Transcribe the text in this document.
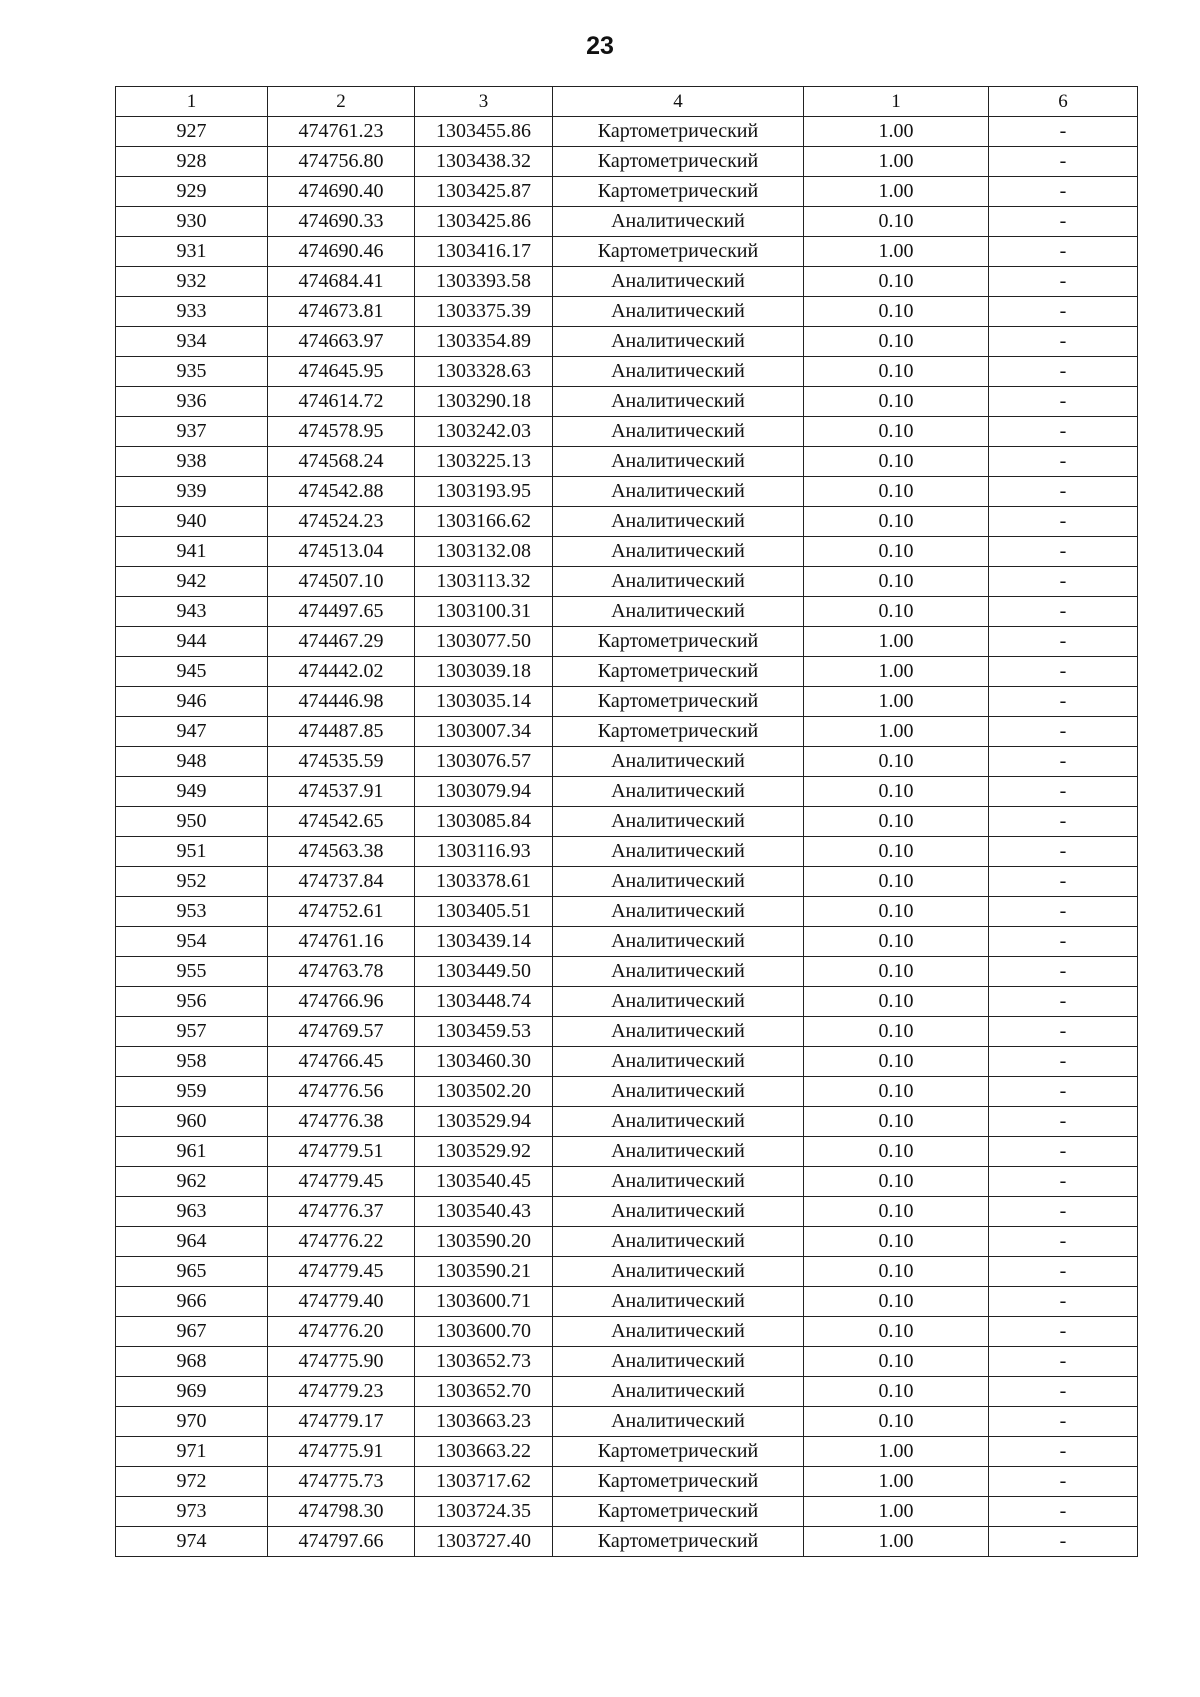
23
1	2	3	4	1	6
927	474761.23	1303455.86	Картометрический	1.00	-
928	474756.80	1303438.32	Картометрический	1.00	-
929	474690.40	1303425.87	Картометрический	1.00	-
930	474690.33	1303425.86	Аналитический	0.10	-
931	474690.46	1303416.17	Картометрический	1.00	-
932	474684.41	1303393.58	Аналитический	0.10	-
933	474673.81	1303375.39	Аналитический	0.10	-
934	474663.97	1303354.89	Аналитический	0.10	-
935	474645.95	1303328.63	Аналитический	0.10	-
936	474614.72	1303290.18	Аналитический	0.10	-
937	474578.95	1303242.03	Аналитический	0.10	-
938	474568.24	1303225.13	Аналитический	0.10	-
939	474542.88	1303193.95	Аналитический	0.10	-
940	474524.23	1303166.62	Аналитический	0.10	-
941	474513.04	1303132.08	Аналитический	0.10	-
942	474507.10	1303113.32	Аналитический	0.10	-
943	474497.65	1303100.31	Аналитический	0.10	-
944	474467.29	1303077.50	Картометрический	1.00	-
945	474442.02	1303039.18	Картометрический	1.00	-
946	474446.98	1303035.14	Картометрический	1.00	-
947	474487.85	1303007.34	Картометрический	1.00	-
948	474535.59	1303076.57	Аналитический	0.10	-
949	474537.91	1303079.94	Аналитический	0.10	-
950	474542.65	1303085.84	Аналитический	0.10	-
951	474563.38	1303116.93	Аналитический	0.10	-
952	474737.84	1303378.61	Аналитический	0.10	-
953	474752.61	1303405.51	Аналитический	0.10	-
954	474761.16	1303439.14	Аналитический	0.10	-
955	474763.78	1303449.50	Аналитический	0.10	-
956	474766.96	1303448.74	Аналитический	0.10	-
957	474769.57	1303459.53	Аналитический	0.10	-
958	474766.45	1303460.30	Аналитический	0.10	-
959	474776.56	1303502.20	Аналитический	0.10	-
960	474776.38	1303529.94	Аналитический	0.10	-
961	474779.51	1303529.92	Аналитический	0.10	-
962	474779.45	1303540.45	Аналитический	0.10	-
963	474776.37	1303540.43	Аналитический	0.10	-
964	474776.22	1303590.20	Аналитический	0.10	-
965	474779.45	1303590.21	Аналитический	0.10	-
966	474779.40	1303600.71	Аналитический	0.10	-
967	474776.20	1303600.70	Аналитический	0.10	-
968	474775.90	1303652.73	Аналитический	0.10	-
969	474779.23	1303652.70	Аналитический	0.10	-
970	474779.17	1303663.23	Аналитический	0.10	-
971	474775.91	1303663.22	Картометрический	1.00	-
972	474775.73	1303717.62	Картометрический	1.00	-
973	474798.30	1303724.35	Картометрический	1.00	-
974	474797.66	1303727.40	Картометрический	1.00	-
